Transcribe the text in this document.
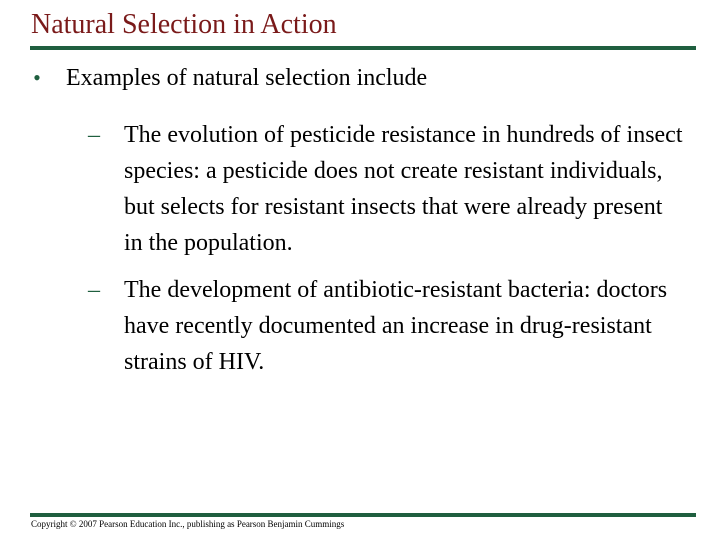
Natural Selection in Action
• Examples of natural selection include
–	The evolution of pesticide resistance in hundreds of insect species: a pesticide does not create resistant individuals, but selects for resistant insects that were already present in the population.
–	The development of antibiotic-resistant bacteria: doctors have recently documented an increase in drug-resistant strains of HIV.
Copyright © 2007 Pearson Education Inc., publishing as Pearson Benjamin Cummings
